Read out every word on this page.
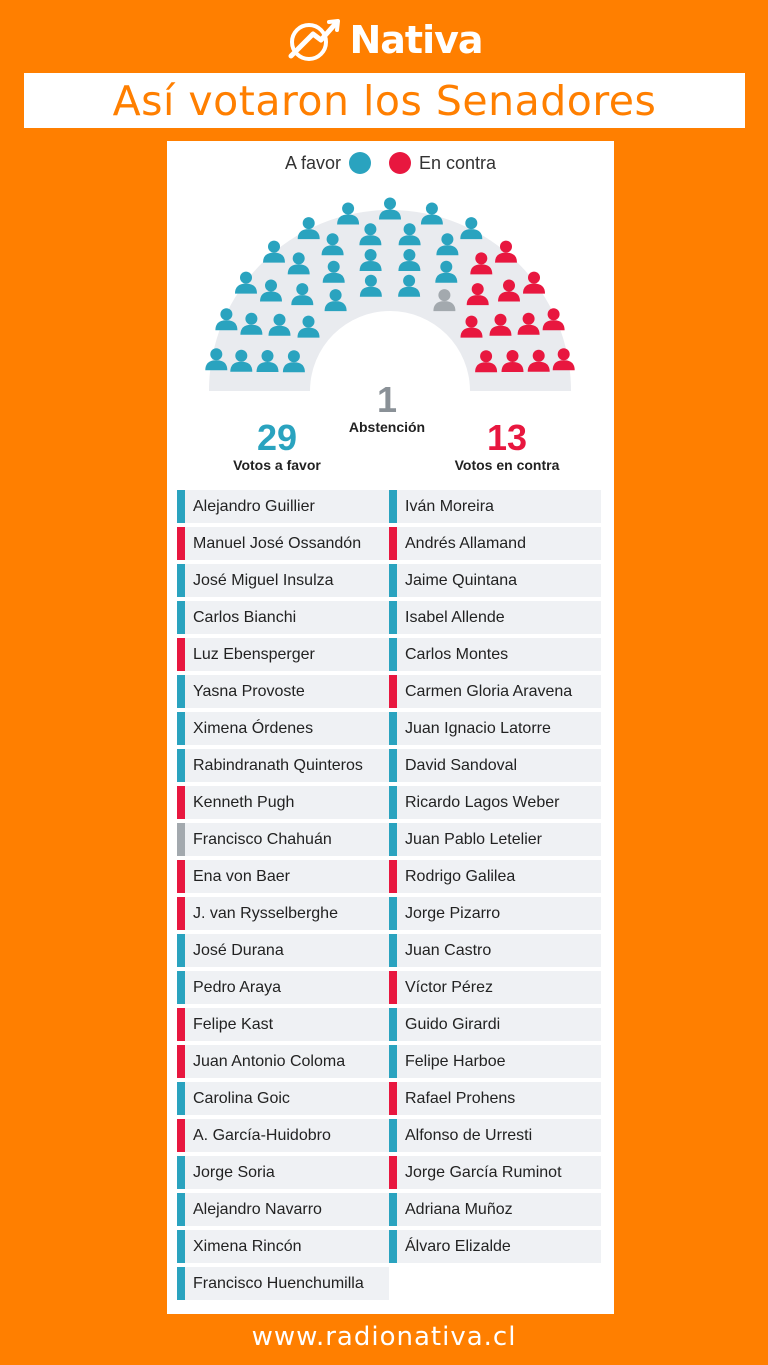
Nativa
Así votaron los Senadores
A favor	En contra
29
Votos a favor
1
Abstención	13
Votos en contra
Alejandro Guillier
Manuel José Ossandón
José Miguel Insulza
Carlos Bianchi
Luz Ebensperger
Yasna Provoste
Ximena Órdenes
Rabindranath Quinteros
Kenneth Pugh
Francisco Chahuán
Ena von Baer
J. van Rysselberghe
José Durana
Pedro Araya
Felipe Kast
Juan Antonio Coloma
Carolina Goic
A. García-Huidobro
Jorge Soria
Alejandro Navarro
Ximena Rincón
Francisco Huenchumilla
Iván Moreira
Andrés Allamand
Jaime Quintana
Isabel Allende
Carlos Montes
Carmen Gloria Aravena
Juan Ignacio Latorre
David Sandoval
Ricardo Lagos Weber
Juan Pablo Letelier
Rodrigo Galilea
Jorge Pizarro
Juan Castro
Víctor Pérez
Guido Girardi
Felipe Harboe
Rafael Prohens
Alfonso de Urresti
Jorge García Ruminot
Adriana Muñoz
Álvaro Elizalde
www.radionativa.cl
